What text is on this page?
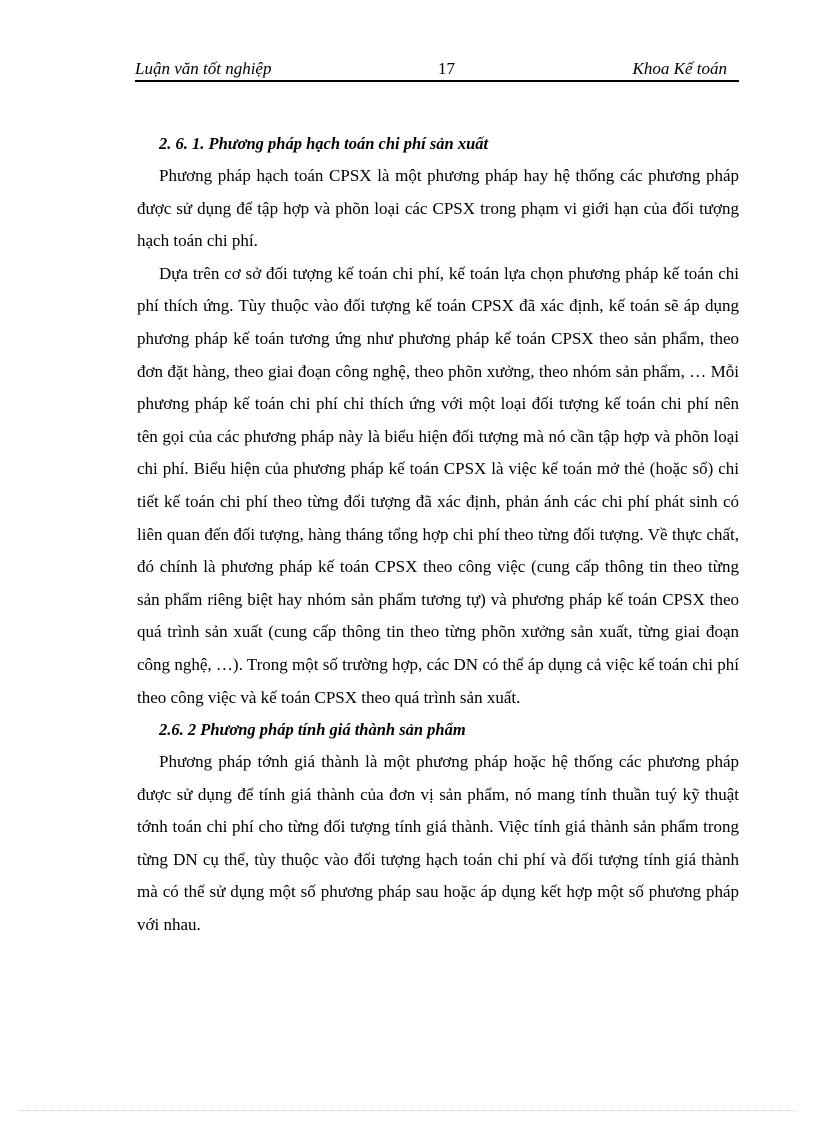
Luận văn tốt nghiệp	17	Khoa Kế toán
2. 6. 1. Phương pháp hạch toán chi phí sản xuất

Phương pháp hạch toán CPSX là một phương pháp hay hệ thống các phương pháp được sử dụng để tập hợp và phõn loại các CPSX trong phạm vi giới hạn của đối tượng hạch toán chi phí.

Dựa trên cơ sở đối tượng kế toán chi phí, kế toán lựa chọn phương pháp kế toán chi phí thích ứng. Tùy thuộc vào đối tượng kế toán CPSX đã xác định, kế toán sẽ áp dụng phương pháp kế toán tương ứng như phương pháp kế toán CPSX theo sản phẩm, theo đơn đặt hàng, theo giai đoạn công nghệ, theo phõn xưởng, theo nhóm sản phẩm, … Mỗi phương pháp kế toán chi phí chỉ thích ứng với một loại đối tượng kế toán chi phí nên tên gọi của các phương pháp này là biểu hiện đối tượng mà nó cần tập hợp và phõn loại chi phí. Biểu hiện của phương pháp kế toán CPSX là việc kế toán mở thẻ (hoặc sổ) chi tiết kế toán chi phí theo từng đối tượng đã xác định, phản ánh các chi phí phát sinh có liên quan đến đối tượng, hàng tháng tổng hợp chi phí theo từng đối tượng. Về thực chất, đó chính là phương pháp kế toán CPSX theo công việc (cung cấp thông tin theo từng sản phẩm riêng biệt hay nhóm sản phẩm tương tự) và phương pháp kế toán CPSX theo quá trình sản xuất (cung cấp thông tin theo từng phõn xưởng sản xuất, từng giai đoạn công nghệ, …). Trong một số trường hợp, các DN có thể áp dụng cả việc kế toán chi phí theo công việc và kế toán CPSX theo quá trình sản xuất.

2.6. 2 Phương pháp tính giá thành sản phẩm

Phương pháp tớnh giá thành là một phương pháp hoặc hệ thống các phương pháp được sử dụng để tính giá thành của đơn vị sản phẩm, nó mang tính thuần tuý kỹ thuật tớnh toán chi phí cho từng đối tượng tính giá thành. Việc tính giá thành sản phẩm trong từng DN cụ thể, tùy thuộc vào đối tượng hạch toán chi phí và đối tượng tính giá thành mà có thể sử dụng một số phương pháp sau hoặc áp dụng kết hợp một số phương pháp với nhau.
